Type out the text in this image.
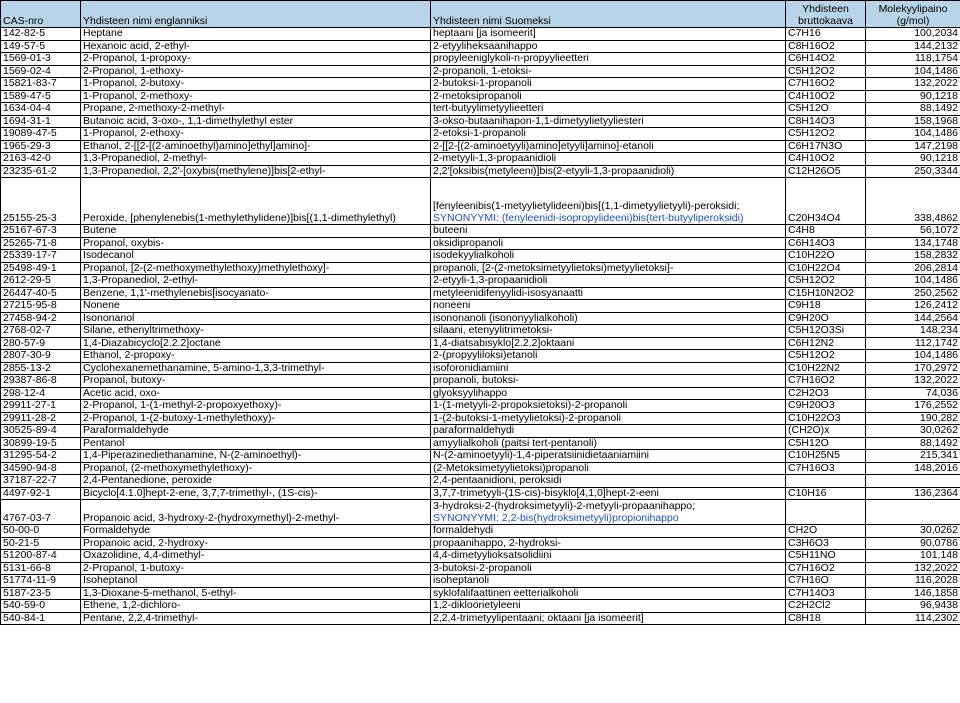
CAS-nro	Yhdisteen nimi englanniksi	Yhdisteen nimi Suomeksi	Yhdisteen bruttokaava	Molekyylipaino (g/mol)
142-82-5	Heptane	heptaani [ja isomeerit]	C7H16	100,2034
149-57-5	Hexanoic acid, 2-ethyl-	2-etyyliheksaanihappo	C8H16O2	144,2132
1569-01-3	2-Propanol, 1-propoxy-	propyleeniglykoli-n-propyylieetteri	C6H14O2	118,1754
1569-02-4	2-Propanol, 1-ethoxy-	2-propanoli, 1-etoksi-	C5H12O2	104,1486
15821-83-7	1-Propanol, 2-butoxy-	2-butoksi-1-propanoli	C7H16O2	132,2022
1589-47-5	1-Propanol, 2-methoxy-	2-metoksipropanoli	C4H10O2	90,1218
1634-04-4	Propane, 2-methoxy-2-methyl-	tert-butyylimetyylieetteri	C5H12O	88,1492
1694-31-1	Butanoic acid, 3-oxo-, 1,1-dimethylethyl ester	3-okso-butaanihapon-1,1-dimetyylietyyliesteri	C8H14O3	158,1968
19089-47-5	1-Propanol, 2-ethoxy-	2-etoksi-1-propanoli	C5H12O2	104,1486
1965-29-3	Ethanol, 2-[[2-[(2-aminoethyl)amino]ethyl]amino]-	2-[[2-[(2-aminoetyyli)amino]etyyli]amino]-etanoli	C6H17N3O	147,2198
2163-42-0	1,3-Propanediol, 2-methyl-	2-metyyli-1,3-propaanidioli	C4H10O2	90,1218
23235-61-2	1,3-Propanediol, 2,2'-[oxybis(methylene)]bis[2-ethyl-	2,2'[oksibis(metyleeni)]bis(2-etyyli-1,3-propaanidioli)	C12H26O5	250,3344
25155-25-3	Peroxide, [phenylenebis(1-methylethylidene)]bis[(1,1-dimethylethyl)	[fenyleenibis(1-metyylietylideeni)bis[(1,1-dimetyylietyyli)-peroksidi;
SYNONYYMI: (fenyleenidi-isopropylideeni)bis(tert-butyyliperoksidi)	C20H34O4	338,4862
25167-67-3	Butene	buteeni	C4H8	56,1072
25265-71-8	Propanol, oxybis-	oksidipropanoli	C6H14O3	134,1748
25339-17-7	Isodecanol	isodekyylialkoholi	C10H22O	158,2832
25498-49-1	Propanol, [2-(2-methoxymethylethoxy)methylethoxy]-	propanoli, [2-(2-metoksimetyylietoksi)metyylietoksi]-	C10H22O4	206,2814
2612-29-5	1,3-Propanediol, 2-ethyl-	2-etyyli-1,3-propaanidioli	C5H12O2	104,1486
26447-40-5	Benzene, 1,1'-methylenebis[isocyanato-	metyleenidifenyylidi-isosyanaatti	C15H10N2O2	250,2562
27215-95-8	Nonene	noneeni	C9H18	126,2412
27458-94-2	Isononanol	isononanoli (isononyylialkoholi)	C9H20O	144,2564
2768-02-7	Silane, ethenyltrimethoxy-	silaani, etenyylitrimetoksi-	C5H12O3Si	148,234
280-57-9	1,4-Diazabicyclo[2.2.2]octane	1,4-diatsabisyklo[2.2.2]oktaani	C6H12N2	112,1742
2807-30-9	Ethanol, 2-propoxy-	2-(propyyliloksi)etanoli	C5H12O2	104,1486
2855-13-2	Cyclohexanemethanamine, 5-amino-1,3,3-trimethyl-	isoforonidiamiini	C10H22N2	170,2972
29387-86-8	Propanol, butoxy-	propanoli, butoksi-	C7H16O2	132,2022
298-12-4	Acetic acid, oxo-	glyoksyylihappo	C2H2O3	74,036
29911-27-1	2-Propanol, 1-(1-methyl-2-propoxyethoxy)-	1-(1-metyyli-2-propoksietoksi)-2-propanoli	C9H20O3	176,2552
29911-28-2	2-Propanol, 1-(2-butoxy-1-methylethoxy)-	1-(2-butoksi-1-metyylietoksi)-2-propanoli	C10H22O3	190,282
30525-89-4	Paraformaldehyde	paraformaldehydi	(CH2O)x	30,0262
30899-19-5	Pentanol	amyylialkoholi (paitsi tert-pentanoli)	C5H12O	88,1492
31295-54-2	1,4-Piperazinediethanamine, N-(2-aminoethyl)-	N-(2-aminoetyyli)-1,4-piperatsiinidietaaniamiini	C10H25N5	215,341
34590-94-8	Propanol, (2-methoxymethylethoxy)-	(2-Metoksimetyylietoksi)propanoli	C7H16O3	148,2016
37187-22-7	2,4-Pentanedione, peroxide	2,4-pentaanidioni, peroksidi		
4497-92-1	Bicyclo[4.1.0]hept-2-ene, 3,7,7-trimethyl-, (1S-cis)-	3,7,7-trimetyyli-(1S-cis)-bisyklo[4,1,0]hept-2-eeni	C10H16	136,2364
4767-03-7	Propanoic acid, 3-hydroxy-2-(hydroxymethyl)-2-methyl-	3-hydroksi-2-(hydroksimetyyli)-2-metyyli-propaanihappo;
SYNONYYMI: 2,2-bis(hydroksimetyyli)propionihappo		

50-00-0	Formaldehyde	formaldehydi	CH2O	30,0262
50-21-5	Propanoic acid, 2-hydroxy-	propaanihappo, 2-hydroksi-	C3H6O3	90,0786
51200-87-4	Oxazolidine, 4,4-dimethyl-	4,4-dimetyylioksatsolidiini	C5H11NO	101,148
5131-66-8	2-Propanol, 1-butoxy-	3-butoksi-2-propanoli	C7H16O2	132,2022
51774-11-9	Isoheptanol	isoheptanoli	C7H16O	116,2028
5187-23-5	1,3-Dioxane-5-methanol, 5-ethyl-	syklofalifaattinen eetterialkoholi	C7H14O3	146,1858
540-59-0	Ethene, 1,2-dichloro-	1,2-dikloorietyleeni	C2H2Cl2	96,9438
540-84-1	Pentane, 2,2,4-trimethyl-	2,2,4-trimetyylipentaani; oktaani [ja isomeerit]	C8H18	114,2302
